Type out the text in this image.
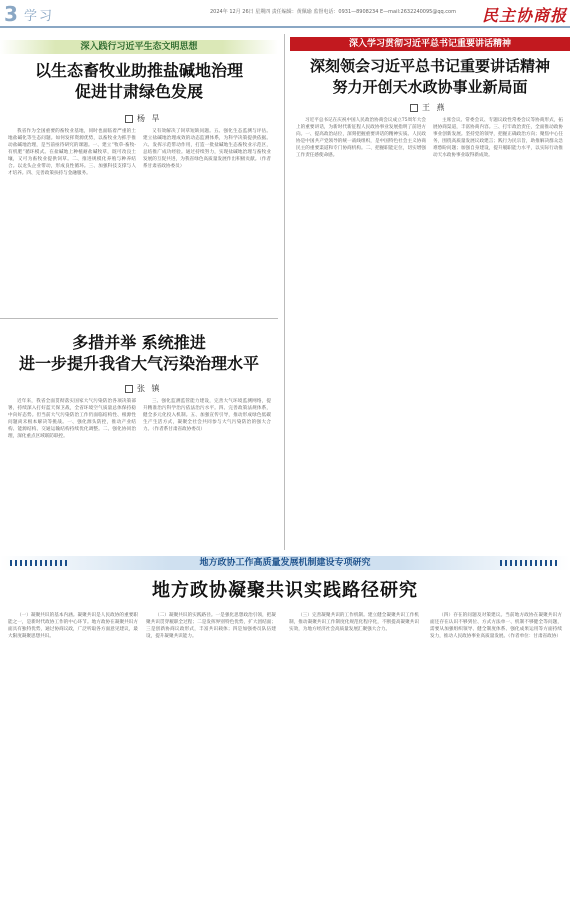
3 学习	2024年 12月 26日 星期四 责任编辑：黄佩瑜 监督电话：0931—8908234 E—mail:2632240095@qq.com 民主协商报
深入践行习近平生态文明思想
以生态畜牧业助推盐碱地治理
促进甘肃绿色发展
杨 旱

我省作为全国重要的畜牧业基地，同时也面临着严重的土地盐碱化等生态问题。如何发挥资源优势，以畜牧业为抓手推动盐碱地治理，是当前亟待研究的课题。一、建立“牧草-畜牧-有机肥”循环模式。在盐碱地上种植耐盐碱牧草，既可改良土壤，又可为畜牧业提供饲草。二、推进规模化养殖与种养结合。以龙头企业带动，形成良性循环。三、加强科技支撑与人才培养。四、完善政策扶持与金融服务。

又有效解决了饲草短缺问题。五、强化生态监测与评估。建立盐碱地治理成效的动态监测体系，为科学决策提供依据。六、发挥示范带动作用，打造一批盐碱地生态畜牧业示范区，总结推广成功经验。通过持续努力，实现盐碱地治理与畜牧业发展的互促共进，为我省绿色高质量发展作出积极贡献。（作者系甘肃省政协委员）

多措并举 系统推进
进一步提升我省大气污染治理水平
张 镇

近年来，我省全面贯彻落实国家大气污染防治各项决策部署，持续深入打好蓝天保卫战，全省环境空气质量总体保持稳中向好态势。但当前大气污染防治工作仍面临结构性、根源性问题尚未根本解决等挑战。一、强化源头防控，推动产业结构、能源结构、交通运输结构持续优化调整。二、强化协同治理，深化重点区域联防联控。

三、强化监测监管能力建设，完善大气环境监测网络，提升精准治污科学治污依法治污水平。四、完善政策法规体系，健全多元化投入机制。五、加强宣传引导，推动形成绿色低碳生产生活方式，凝聚全社会共同参与大气污染防治的强大合力。（作者系甘肃省政协委员）

深入学习贯彻习近平总书记重要讲话精神
深刻领会习近平总书记重要讲话精神
努力开创天水政协事业新局面
王 燕

习近平总书记在庆祝中国人民政治协商会议成立75周年大会上的重要讲话，为新时代新征程人民政协事业发展指明了前进方向。一、提高政治站位，深刻把握重要讲话的精神实质。人民政协是中国共产党领导的统一战线组织，是中国特色社会主义协商民主的重要渠道和专门协商机构。二、把握职能定位，切实增强工作责任感使命感。

主席会议、常委会议、专题议政性常委会议等协商形式，拓展协商渠道，丰富协商内容。三、打牢政治责任，全面推动政协事业创新发展。坚持党的领导，把握正确政治方向；聚焦中心任务，围绕高质量发展议政建言；践行为民宗旨，助推解决群众急难愁盼问题；加强自身建设，提升履职能力水平，以实际行动推动天水政协事业取得新成效。

地方政协工作高质量发展机制建设专项研究
地方政协凝聚共识实践路径研究

（一）凝聚共识的基本内涵。凝聚共识是人民政协的重要职能之一，是新时代政协工作的中心环节。地方政协在凝聚共识方面具有独特优势，通过协商议政，广泛听取各方面意见建议，最大限度凝聚思想共识。

（二）凝聚共识的实践路径。一是强化思想政治引领，把凝聚共识贯穿履职全过程；二是发挥界别特色优势，扩大团结面；三是创新协商议政形式，丰富共识载体；四是加强委员队伍建设，提升凝聚共识能力。

（三）完善凝聚共识的工作机制。建立健全凝聚共识工作机制，推动凝聚共识工作制度化规范化程序化，不断提高凝聚共识实效，为地方经济社会高质量发展汇聚强大合力。

（四）存在的问题及对策建议。当前地方政协在凝聚共识方面还存在认识不够到位、方式方法单一、机制不够健全等问题，需要从加强组织领导、健全制度体系、强化成果运用等方面持续发力，推动人民政协事业高质量发展。（作者单位：甘肃省政协）
